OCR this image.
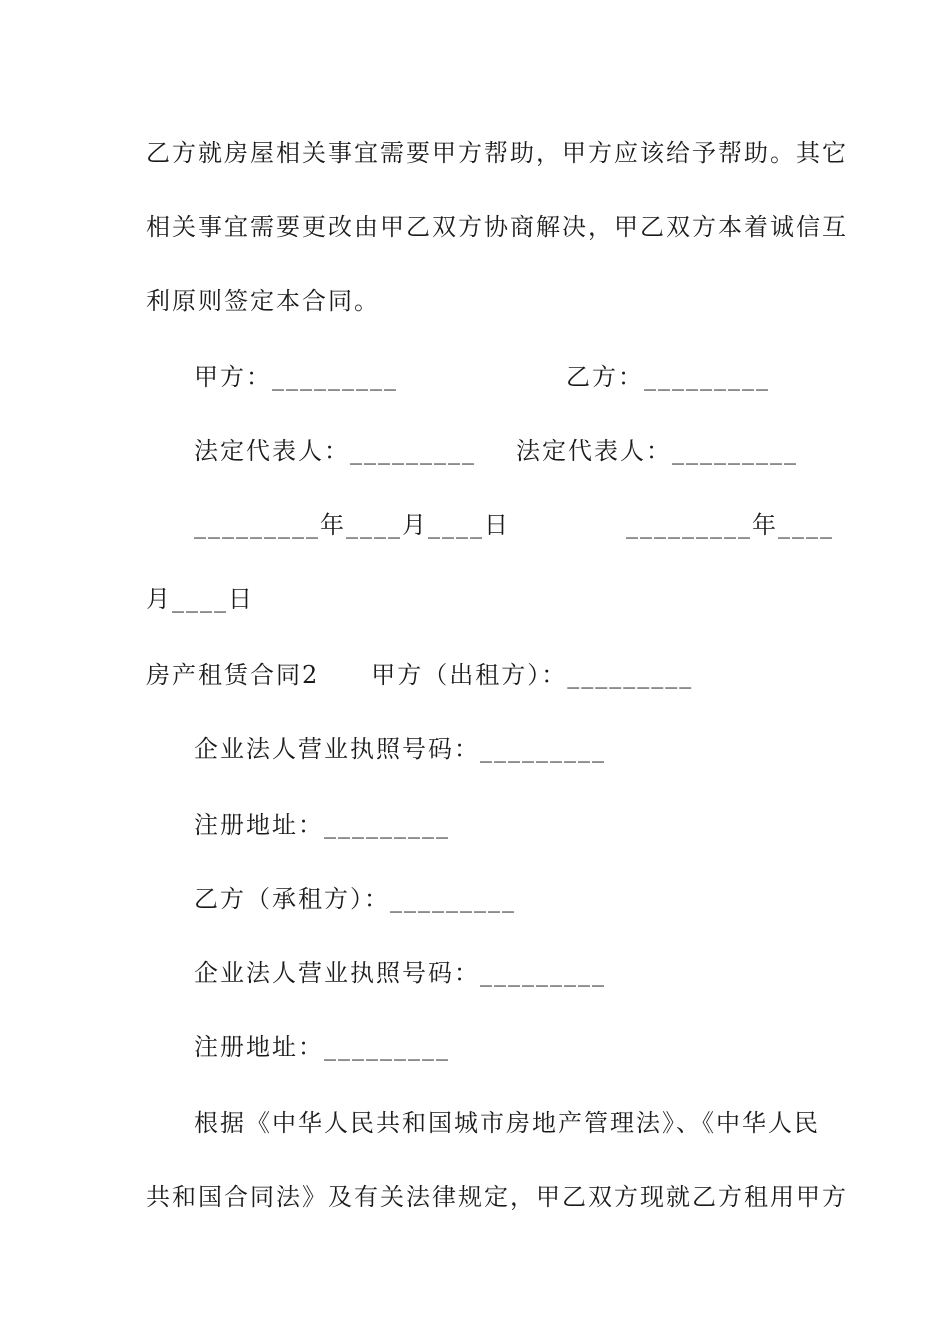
乙方就房屋相关事宜需要甲方帮助，甲方应该给予帮助。其它
相关事宜需要更改由甲乙双方协商解决，甲乙双方本着诚信互
利原则签定本合同。
甲方：_________	乙方：_________
法定代表人：_________ 法定代表人：_________
_________年____月____日	_________年____
月____日
房产租赁合同2　　甲方（出租方）：_________
企业法人营业执照号码：_________
注册地址：_________
乙方（承租方）：_________
企业法人营业执照号码：_________
注册地址：_________
根据《中华人民共和国城市房地产管理法》、《中华人民
共和国合同法》及有关法律规定，甲乙双方现就乙方租用甲方
